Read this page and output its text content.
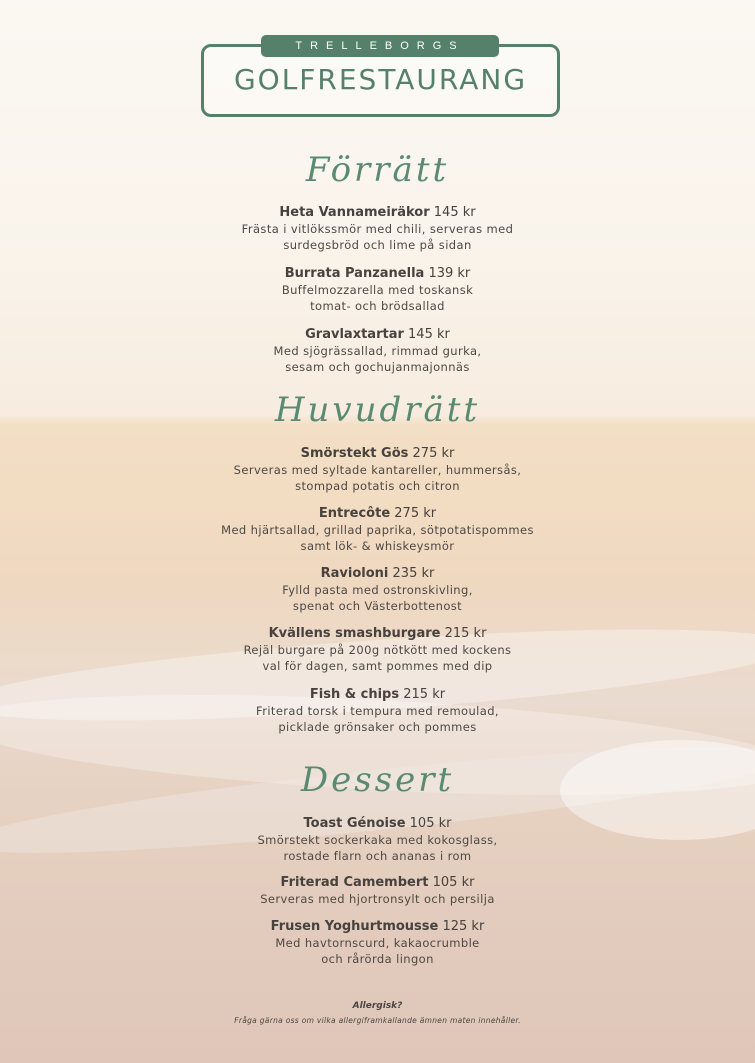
TRELLEBORGS
GOLFRESTAURANG
Förrätt
Heta Vannameiräkor 145 kr
Frästa i vitlökssmör med chili, serveras med
surdegsbröd och lime på sidan
Burrata Panzanella 139 kr
Buffelmozzarella med toskansk
tomat- och brödsallad
Gravlaxtartar 145 kr
Med sjögrässallad, rimmad gurka,
sesam och gochujanmajonnäs
Huvudrätt
Smörstekt Gös 275 kr
Serveras med syltade kantareller, hummersås,
stompad potatis och citron
Entrecôte 275 kr
Med hjärtsallad, grillad paprika, sötpotatispommes
samt lök- & whiskeysmör
Ravioloni 235 kr
Fylld pasta med ostronskivling,
spenat och Västerbottenost
Kvällens smashburgare 215 kr
Rejäl burgare på 200g nötkött med kockens
val för dagen, samt pommes med dip
Fish & chips 215 kr
Friterad torsk i tempura med remoulad,
picklade grönsaker och pommes
Dessert
Toast Génoise 105 kr
Smörstekt sockerkaka med kokosglass,
rostade flarn och ananas i rom
Friterad Camembert 105 kr
Serveras med hjortronsylt och persilja
Frusen Yoghurtmousse 125 kr
Med havtornscurd, kakaocrumble
och rårörda lingon
Allergisk?
Fråga gärna oss om vilka allergiframkallande ämnen maten innehåller.
